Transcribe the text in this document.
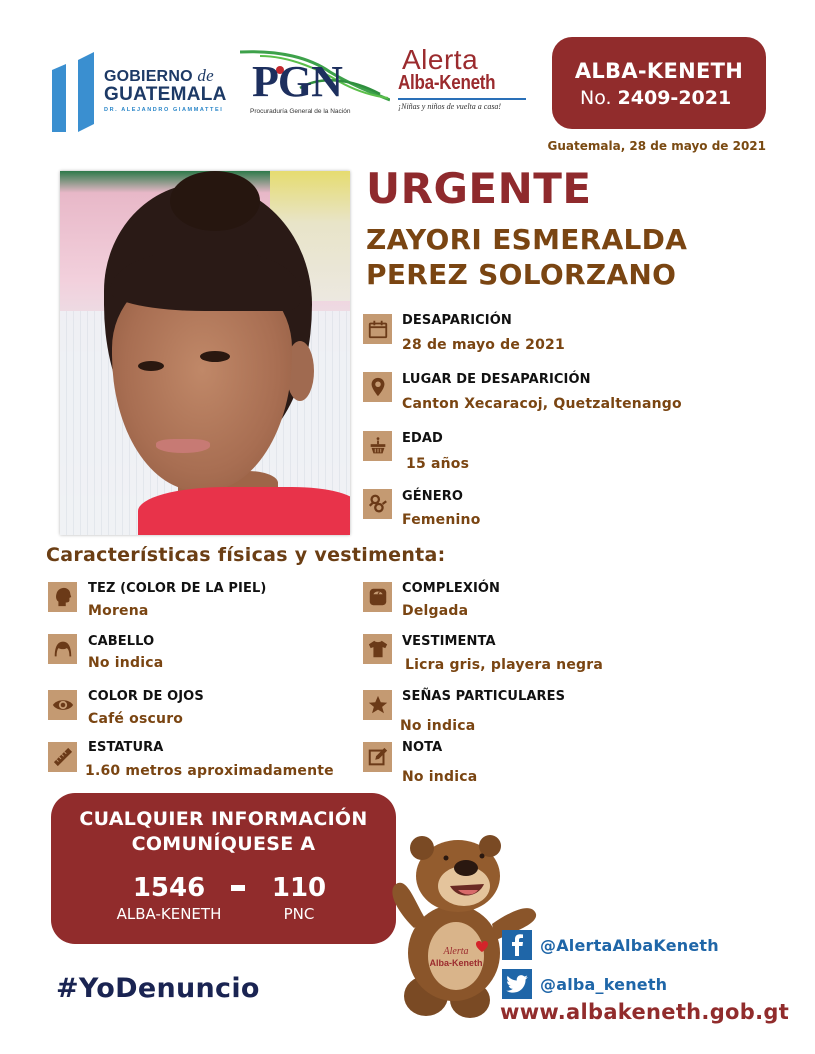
GOBIERNO de
GUATEMALA
DR. ALEJANDRO GIAMMATTEI
PGN
Procuraduría General de la Nación
Alerta
Alba-Keneth
¡Niñas y niños de vuelta a casa!
ALBA-KENETH
No. 2409-2021
Guatemala, 28 de mayo de 2021
URGENTE
ZAYORI ESMERALDA
PEREZ SOLORZANO
DESAPARICIÓN
28 de mayo de 2021
LUGAR DE DESAPARICIÓN
Canton Xecaracoj, Quetzaltenango
EDAD
15 años
GÉNERO
Femenino
Características físicas y vestimenta:
TEZ (COLOR DE LA PIEL)
Morena
CABELLO
No indica
COLOR DE OJOS
Café oscuro
ESTATURA
1.60 metros aproximadamente
COMPLEXIÓN
Delgada
VESTIMENTA
Licra gris, playera negra
SEÑAS PARTICULARES
No indica
NOTA
No indica
CUALQUIER INFORMACIÓN
COMUNÍQUESE A
1546
ALBA-KENETH
110
PNC
Alerta
Alba-Keneth
@AlertaAlbaKeneth
@alba_keneth
www.albakeneth.gob.gt
#YoDenuncio
